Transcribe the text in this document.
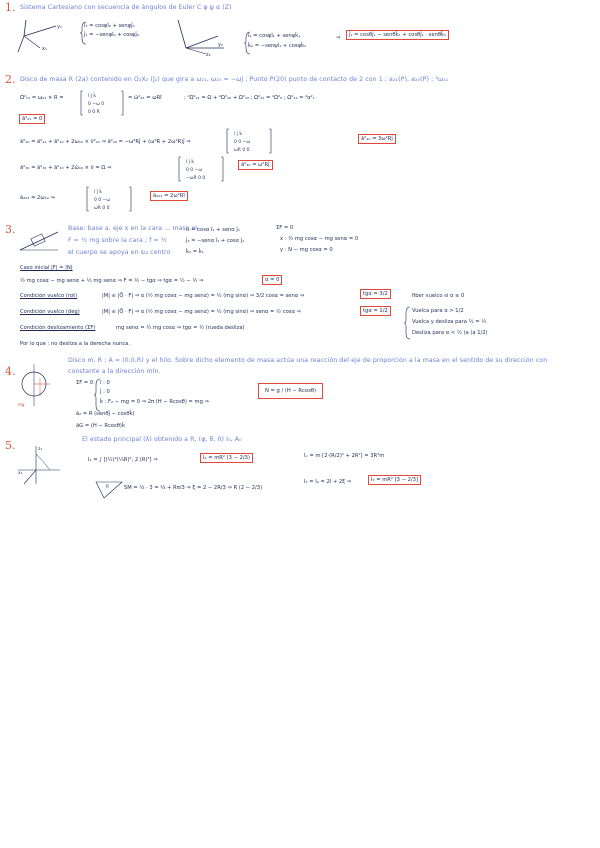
1. Sistema Cartesiano con secuencia de ángulos de Euler C φ ψ α (Z)
y₁
x₁
î₁ = cosφî₀ + senφĵ₀
ĵ₁ = −senφî₀ + cosφĵ₀
y₂
z₂
î₂ = cosψî₁ + senψk̂₁
k̂₂ = −senψî₁ + cosψk̂₁
⇒	ĵ₂ = cosθĵ₁ − senθk̂₁ + cosθĵ₁ · senθk̂₁
2. Disco de masa R (2a) contenido en O₂X₂ (ĵ₂) que gira a ω₂₁, ω₂₀ = −ωĵ ; Punto P(20) punto de contacto de 2 con 1 ; a₂₁(P), a₂₀(P) ; ²ω₂₁
Ω̄²₂₁ = ω₂₁ × R =	î ĵ k̂
0 −ω 0
0 0 R
= ω̄²₂₁ = ωRî	; ᵈΩ²₂₁ = Ω + ᵈΩ²₂₀ + Ω²₁₀ ; Ω²₂₁ = ᵈΩ²₀ ; Ω²₂₁ = ᵈα²₁
ā²₂₁ = 0
ā²₂₀ = ā²₂₁ + ā²₁₀ + 2ω₁₀ × v̄²₂₁ ⇒ ā²₂₀ = −ω²Rĵ + (ω²R + 2ω²R)ĵ ⇒
î ĵ k̂
0 0 −ω
ωR 0 0
ā²₂₀ = 3ω²Rĵ
ā²₃₀ = ā²₃₁ + ā²₁₀ + 2ω̄₁₀ × v̄ = Ω ⇒
î ĵ k̂
0 0 −ω
−ωR 0 0
ā²₃₀ = ω²Rĵ
ā₂₀₁ = 2ω₁₀ ⇒
î ĵ k̂
0 0 −ω
ωR 0 0
ā₂₀₁ = 2ω²Rî
3.	Base: base a, eje x en la cara ... masa m
F = ½ mg sobre la cara ; f = ½
el cuerpo se apoya en su centro
î₂ = cosα î₁ + senα ĵ₁
ĵ₂ = −senα î₁ + cosα ĵ₁
k̂₂ = k̂₁
ΣF = 0
x : ½ mg cosα − mg senα = 0
y : N − mg cosα = 0
Caso inicial |F| = |N|
½ mg cosα − mg senα + ½ mg senα ⇒ F = ½ − tgα ⇒ tgα = ½ − ½ ⇒	α = 0
Condición vuelco (rot)	|M| ≤ |Ō · F| ⇒ α (½ mg cosα − mg senα) = ½ (mg sinα) ⇒ 3/2 cosα = senα ⇒	tgα = 3/2	fiber vuelco si α ≤ 0
Condición vuelco (deg)	|M| ≤ |Ō · F| ⇒ α (½ mg cosα − mg senα) = ½ (mg sinα) ⇒ senα = ½ cosα ⇒	tgα = 1/2
Condición deslizamiento (ΣF)	mg senα = ½ mg cosα ⇒ tgα = ½ (rueda desliza)
Vuelca para α > 1/2
Vuelca y desliza para ½ = ½
Desliza para α < ½ (a (a 1/2)
Por lo que : no desliza a la derecha nunca.
4.
mg
Disco m, R ; A = (0,0,R) y el hilo. Sobre dicho elemento de masa actúa una reacción del eje de proporción a la masa en el sentido de su dirección con
constante a la dirección mín.
ΣF = 0 î : 0
ĵ : 0
k̂ : F₂ − mg = 0 ⇒ 2π (H − Rcosθ) = mg ⇒
N = g / (H − Rcosθ)
ā₂ = R (senθĵ − cosθk̂)
āG = (H − Rcosθ)k̂
5.	z₁
x₁
El estado principal (λ) obtenido a R, (φ, θ, 0) I₀, A₀
I₂ = ∫ [(½)²(⅓R)², 2 (R)²] ⇒	I₂ = mR² (3 − 2/3)	Iₓ = m [2·(R/2)² + 2R²] = 3R²m
R	SM = ⅔ · 3 = ⅔ + Rπ/3 ⇒ ξ = 2 − 2R/3 ⇒ R (2 − 2/3)
I₃ = I₂ = 2I + 2ξ ⇒	I₃ = mR² [3 − 2/3]
